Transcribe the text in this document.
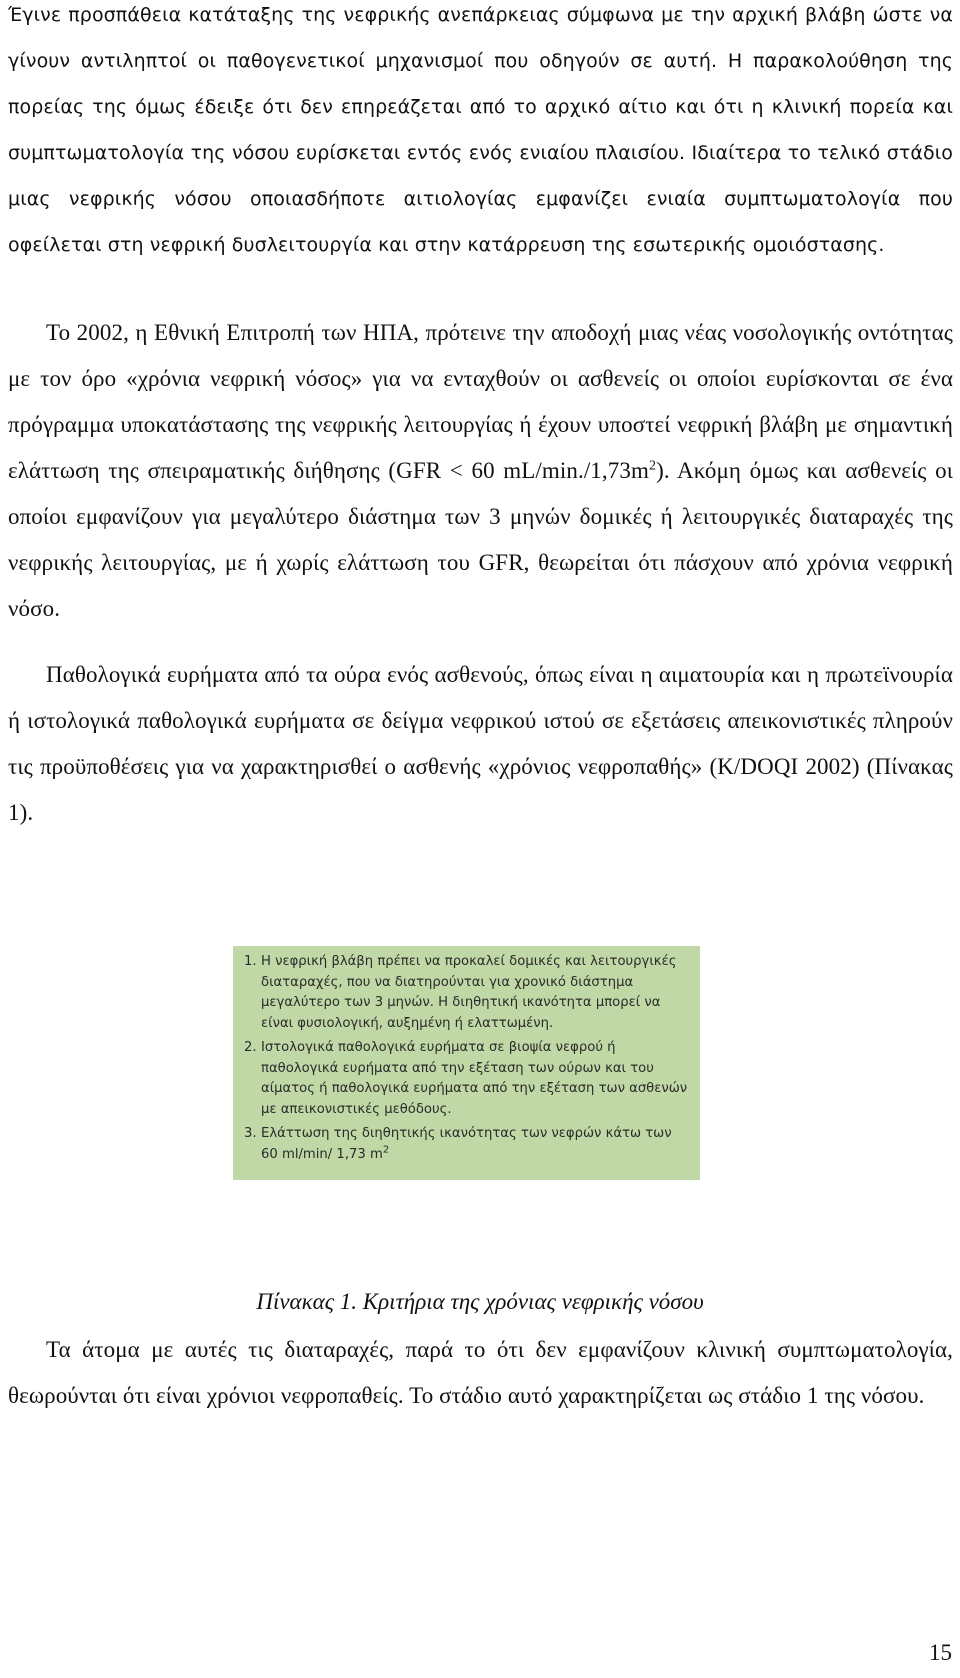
Έγινε προσπάθεια κατάταξης της νεφρικής ανεπάρκειας σύμφωνα με την αρχική βλάβη ώστε να γίνουν αντιληπτοί οι παθογενετικοί μηχανισμοί που οδηγούν σε αυτή. Η παρακολούθηση της πορείας της όμως έδειξε ότι δεν επηρεάζεται από το αρχικό αίτιο και ότι η κλινική πορεία και συμπτωματολογία της νόσου ευρίσκεται εντός ενός ενιαίου πλαισίου. Ιδιαίτερα το τελικό στάδιο μιας νεφρικής νόσου οποιασδήποτε αιτιολογίας εμφανίζει ενιαία συμπτωματολογία που οφείλεται στη νεφρική δυσλειτουργία και στην κατάρρευση της εσωτερικής ομοιόστασης.

Το 2002, η Εθνική Επιτροπή των ΗΠΑ, πρότεινε την αποδοχή μιας νέας νοσολογικής οντότητας με τον όρο «χρόνια νεφρική νόσος» για να ενταχθούν οι ασθενείς οι οποίοι ευρίσκονται σε ένα πρόγραμμα υποκατάστασης της νεφρικής λειτουργίας ή έχουν υποστεί νεφρική βλάβη με σημαντική ελάττωση της σπειραματικής διήθησης (GFR < 60 $mL/\min./1,73m^2$). Ακόμη όμως και ασθενείς οι οποίοι εμφανίζουν για μεγαλύτερο διάστημα των 3 μηνών δομικές ή λειτουργικές διαταραχές της νεφρικής λειτουργίας, με ή χωρίς ελάττωση του GFR, θεωρείται ότι πάσχουν από χρόνια νεφρική νόσο.

Παθολογικά ευρήματα από τα ούρα ενός ασθενούς, όπως είναι η αιματουρία και η πρωτεϊνουρία ή ιστολογικά παθολογικά ευρήματα σε δείγμα νεφρικού ιστού σε εξετάσεις απεικονιστικές πληρούν τις προϋποθέσεις για να χαρακτηρισθεί ο ασθενής «χρόνιος νεφροπαθής» (K/DOQI 2002) (Πίνακας 1).

1. Η νεφρική βλάβη πρέπει να προκαλεί δομικές και λειτουργικές διαταραχές, που να διατηρούνται για χρονικό διάστημα μεγαλύτερο των 3 μηνών. Η διηθητική ικανότητα μπορεί να είναι φυσιολογική, αυξημένη ή ελαττωμένη.

2. Ιστολογικά παθολογικά ευρήματα σε βιοψία νεφρού ή παθολογικά ευρήματα από την εξέταση των ούρων και του αίματος ή παθολογικά ευρήματα από την εξέταση των ασθενών με απεικονιστικές μεθόδους.

3. Ελάττωση της διηθητικής ικανότητας των νεφρών κάτω των 60 ml/min/ 1,73 $m^2$

Πίνακας 1. Κριτήρια της χρόνιας νεφρικής νόσου

Τα άτομα με αυτές τις διαταραχές, παρά το ότι δεν εμφανίζουν κλινική συμπτωματολογία, θεωρούνται ότι είναι χρόνιοι νεφροπαθείς. Το στάδιο αυτό χαρακτηρίζεται ως στάδιο 1 της νόσου.

15
